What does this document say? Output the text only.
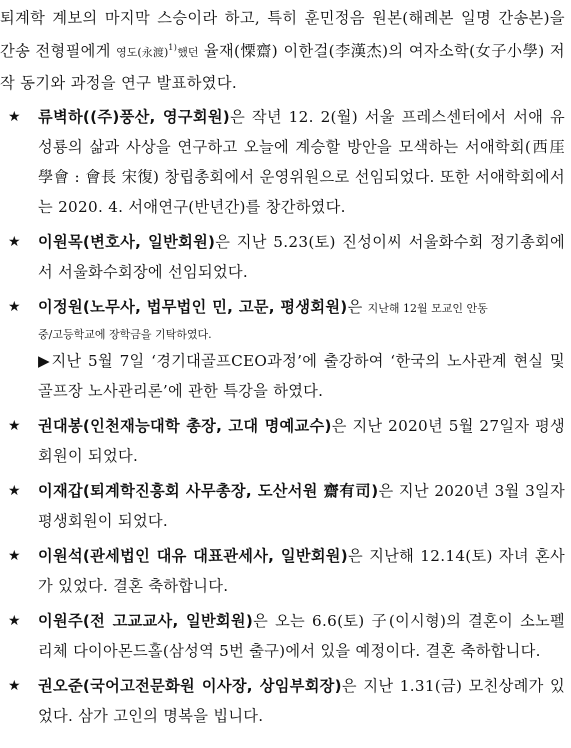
퇴계학 계보의 마지막 스승이라 하고, 특히 훈민정음 원본(해례본 일명 간송본)을 간송 전형필에게 영도(永渡)$^{1)}$했던 율재(慄齋) 이한걸(李漢杰)의 여자소학(女子小學) 저작 동기와 과정을 연구 발표하였다.
★ 류벽하((주)풍산, 영구회원)은 작년 12. 2(월) 서울 프레스센터에서 서애 유성룡의 삶과 사상을 연구하고 오늘에 계승할 방안을 모색하는 서애학회(西厓學會 : 會長 宋復) 창립총회에서 운영위원으로 선임되었다. 또한 서애학회에서는 2020. 4. 서애연구(반년간)를 창간하였다.
★ 이원목(변호사, 일반회원)은 지난 5.23(토) 진성이씨 서울화수회 정기총회에서 서울화수회장에 선임되었다.
★ 이정원(노무사, 법무법인 민, 고문, 평생회원)은 지난해 12월 모교인 안동
중/고등학교에 장학금을 기탁하였다.
▶지난 5월 7일 ‘경기대골프CEO과정’에 출강하여 ‘한국의 노사관계 현실 및 골프장 노사관리론’에 관한 특강을 하였다.
★ 권대봉(인천재능대학 총장, 고대 명예교수)은 지난 2020년 5월 27일자 평생회원이 되었다.
★ 이재갑(퇴계학진흥회 사무총장, 도산서원 齋有司)은 지난 2020년 3월 3일자 평생회원이 되었다.
★ 이원석(관세법인 대유 대표관세사, 일반회원)은 지난해 12.14(토) 자녀 혼사가 있었다. 결혼 축하합니다.
★ 이원주(전 고교교사, 일반회원)은 오는 6.6(토) 子(이시형)의 결혼이 소노펠리체 다이아몬드홀(삼성역 5번 출구)에서 있을 예정이다. 결혼 축하합니다.
★ 권오준(국어고전문화원 이사장, 상임부회장)은 지난 1.31(금) 모친상례가 있었다. 삼가 고인의 명복을 빕니다.
